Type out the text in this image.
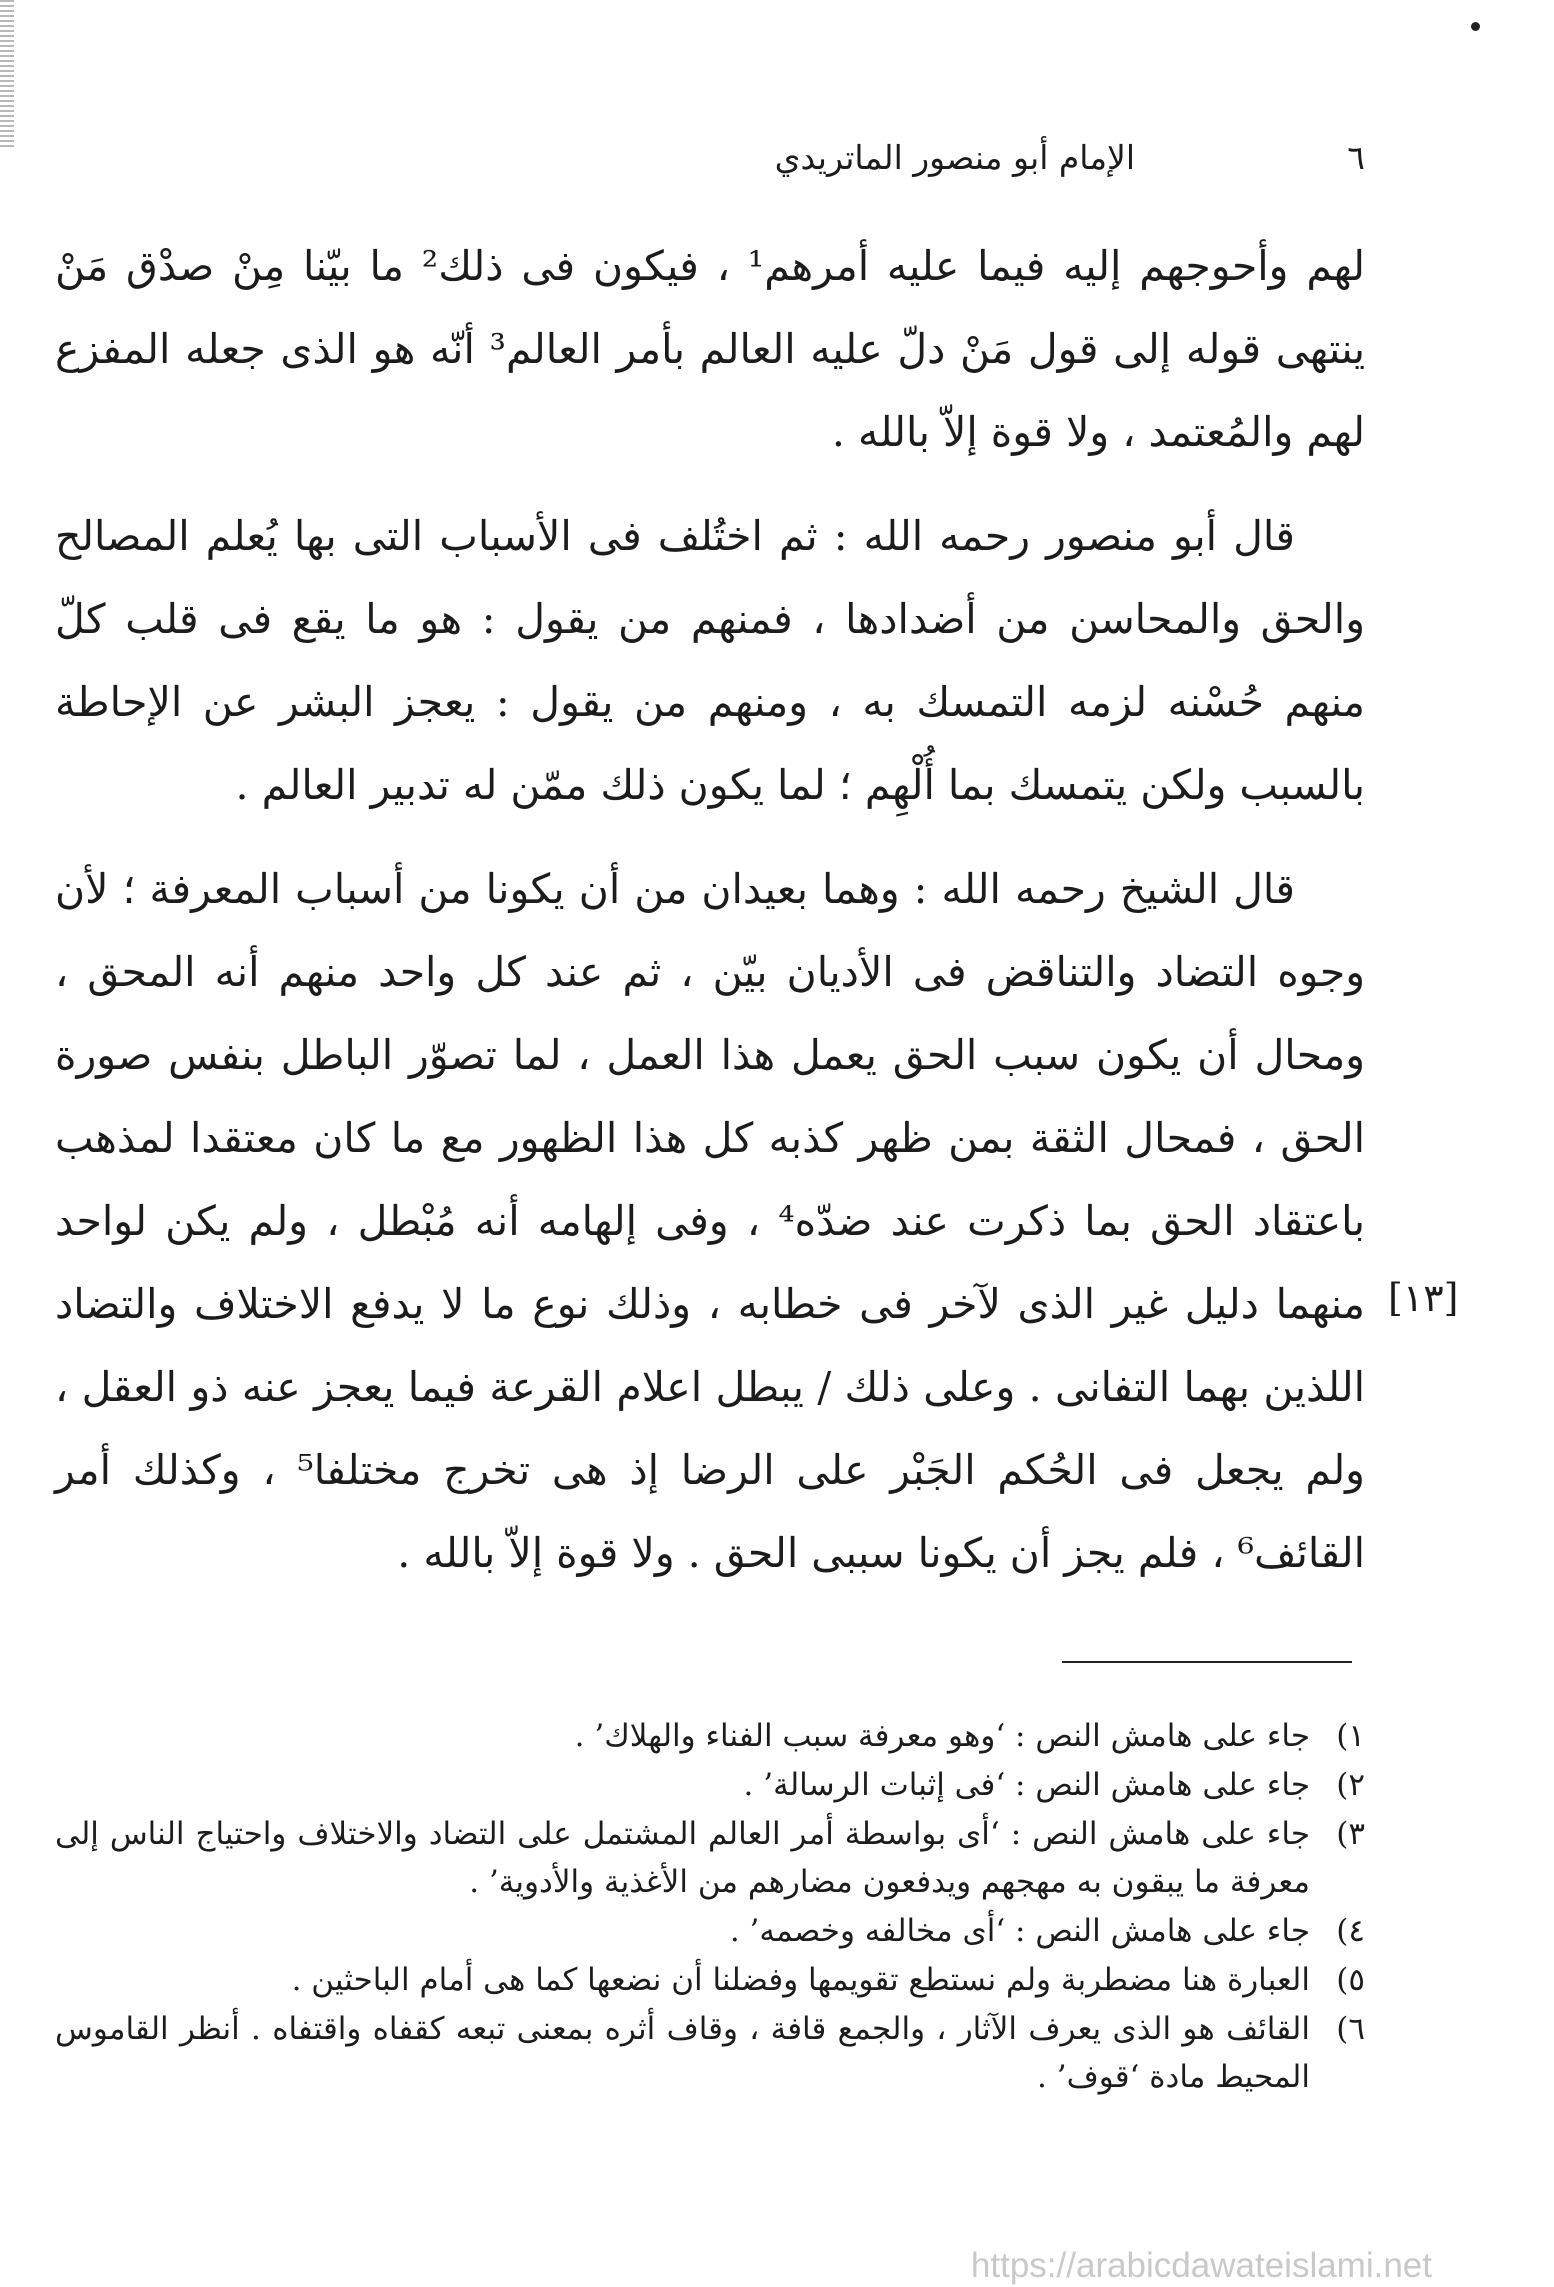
٦
الإمام أبو منصور الماتريدي

لهم وأحوجهم إليه فيما عليه أمرهم¹ ، فيكون فى ذلك² ما بيّنا مِنْ صدْق مَنْ ينتهى قوله إلى قول مَنْ دلّ عليه العالم بأمر العالم³ أنّه هو الذى جعله المفزع لهم والمُعتمد ، ولا قوة إلاّ بالله .

قال أبو منصور رحمه الله : ثم اختُلف فى الأسباب التى بها يُعلم المصالح والحق والمحاسن من أضدادها ، فمنهم من يقول : هو ما يقع فى قلب كلّ منهم حُسْنه لزمه التمسك به ، ومنهم من يقول : يعجز البشر عن الإحاطة بالسبب ولكن يتمسك بما أُلْهِم ؛ لما يكون ذلك ممّن له تدبير العالم .

قال الشيخ رحمه الله : وهما بعيدان من أن يكونا من أسباب المعرفة ؛ لأن وجوه التضاد والتناقض فى الأديان بيّن ، ثم عند كل واحد منهم أنه المحق ، ومحال أن يكون سبب الحق يعمل هذا العمل ، لما تصوّر الباطل بنفس صورة الحق ، فمحال الثقة بمن ظهر كذبه كل هذا الظهور مع ما كان معتقدا لمذهب باعتقاد الحق بما ذكرت عند ضدّه⁴ ، وفى إلهامه أنه مُبْطل ، ولم يكن لواحد منهما دليل غير الذى لآخر فى خطابه ، وذلك نوع ما لا يدفع الاختلاف والتضاد اللذين بهما التفانى . وعلى ذلك / يبطل اعلام القرعة فيما يعجز عنه ذو العقل ، ولم يجعل فى الحُكم الجَبْر على الرضا إذ هى تخرج مختلفا⁵ ، وكذلك أمر القائف⁶ ، فلم يجز أن يكونا سببى الحق . ولا قوة إلاّ بالله .

[١٣]
١)
جاء على هامش النص : ‘وهو معرفة سبب الفناء والهلاك’ .
٢)
جاء على هامش النص : ‘فى إثبات الرسالة’ .
٣)
جاء على هامش النص : ‘أى بواسطة أمر العالم المشتمل على التضاد والاختلاف واحتياج الناس إلى معرفة ما يبقون به مهجهم ويدفعون مضارهم من الأغذية والأدوية’ .
٤)
جاء على هامش النص : ‘أى مخالفه وخصمه’ .
٥)
العبارة هنا مضطربة ولم نستطع تقويمها وفضلنا أن نضعها كما هى أمام الباحثين .
٦)
القائف هو الذى يعرف الآثار ، والجمع قافة ، وقاف أثره بمعنى تبعه كقفاه واقتفاه . أنظر القاموس المحيط مادة ‘قوف’ .
https://arabicdawateislami.net
